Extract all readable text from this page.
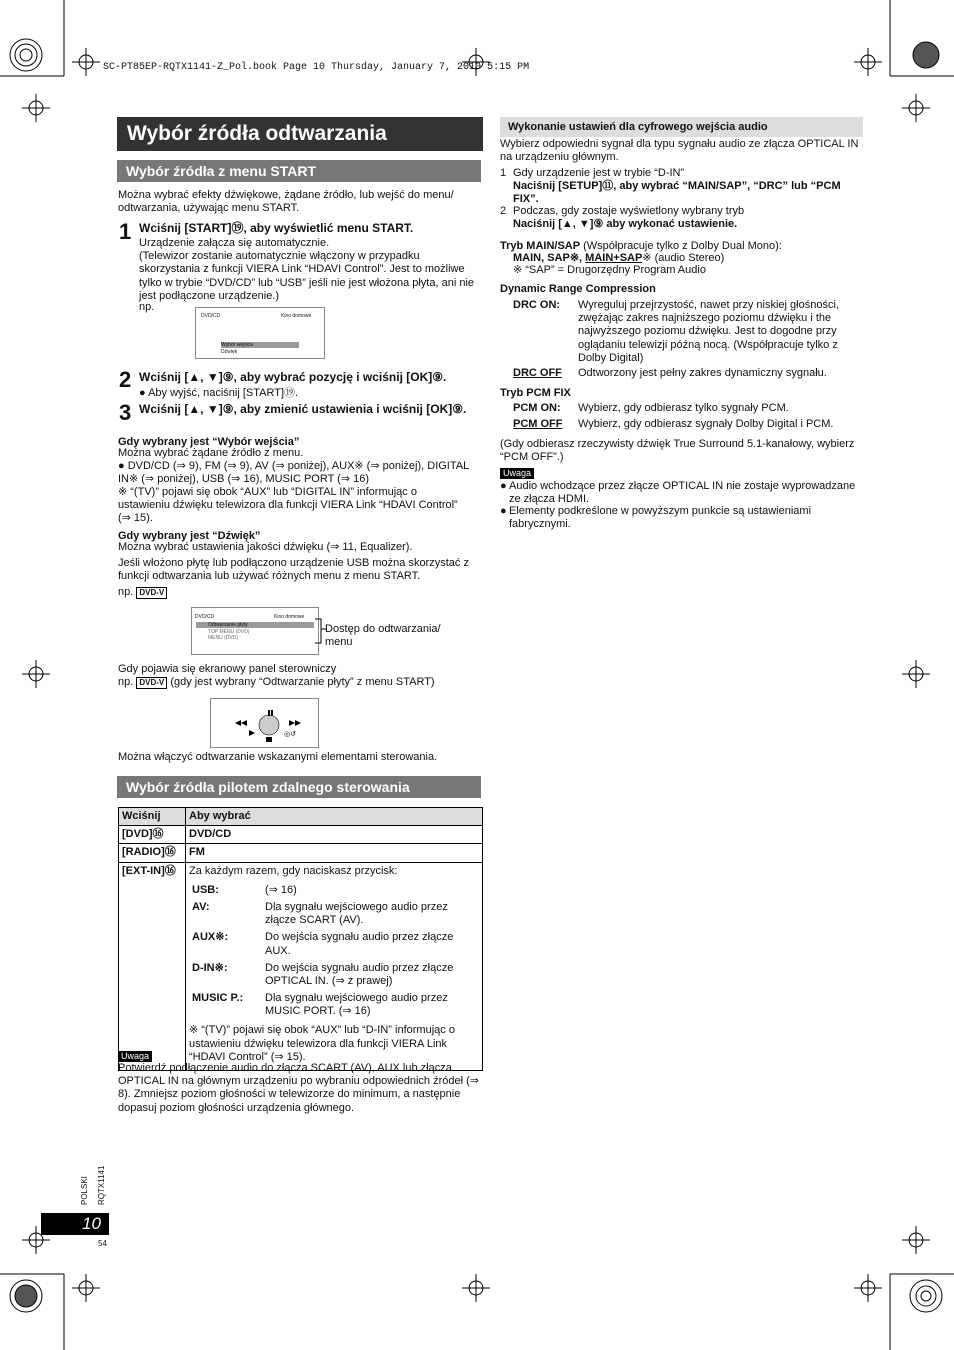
SC-PT85EP-RQTX1141-Z_Pol.book Page 10 Thursday, January 7, 2010 5:15 PM
Wybór źródła odtwarzania
Wybór źródła z menu START
Można wybrać efekty dźwiękowe, żądane źródło, lub wejść do menu/ odtwarzania, używając menu START.
1 Wciśnij [START]⑲, aby wyświetlić menu START.
Urządzenie załącza się automatycznie.
(Telewizor zostanie automatycznie włączony w przypadku skorzystania z funkcji VIERA Link “HDAVI Control”. Jest to możliwe tylko w trybie “DVD/CD” lub “USB” jeśli nie jest włożona płyta, ani nie jest podłączone urządzenie.)
np.
DVD/CD	Kino domowe
Wybór wejścia
Dźwięk
2 Wciśnij [▲, ▼]⑨, aby wybrać pozycję i wciśnij [OK]⑨.
● Aby wyjść, naciśnij [START]⑲.
3 Wciśnij [▲, ▼]⑨, aby zmienić ustawienia i wciśnij [OK]⑨.
Gdy wybrany jest “Wybór wejścia”
Można wybrać żądane źródło z menu.
● DVD/CD (⇒ 9), FM (⇒ 9), AV (⇒ poniżej), AUX※ (⇒ poniżej), DIGITAL IN※ (⇒ poniżej), USB (⇒ 16), MUSIC PORT (⇒ 16)
※ “(TV)” pojawi się obok “AUX” lub “DIGITAL IN” informując o ustawieniu dźwięku telewizora dla funkcji VIERA Link “HDAVI Control” (⇒ 15).
Gdy wybrany jest “Dźwięk”
Można wybrać ustawienia jakości dźwięku (⇒ 11, Equalizer).
Jeśli włożono płytę lub podłączono urządzenie USB można skorzystać z funkcji odtwarzania lub używać różnych menu z menu START.
np. DVD-V
DVD/CD	Kino domowe
Odtwarzanie płyty
TOP MENU (DVD)
MENU (DVD)
Dostęp do odtwarzania/ menu
Gdy pojawia się ekranowy panel sterowniczy
np. DVD-V (gdy jest wybrany “Odtwarzanie płyty” z menu START)
◎↺
Można włączyć odtwarzanie wskazanymi elementami sterowania.
Wybór źródła pilotem zdalnego sterowania
Wciśnij	Aby wybrać
[DVD]⑯	DVD/CD
[RADIO]⑯	FM
[EXT-IN]⑯	Za każdym razem, gdy naciskasz przycisk:
USB:	(⇒ 16)
AV:	Dla sygnału wejściowego audio przez złącze SCART (AV).
AUX※:	Do wejścia sygnału audio przez złącze AUX.
D-IN※:	Do wejścia sygnału audio przez złącze OPTICAL IN. (⇒ z prawej)
MUSIC P.:	Dla sygnału wejściowego audio przez MUSIC PORT. (⇒ 16)
※ “(TV)” pojawi się obok “AUX” lub “D-IN” informując o ustawieniu dźwięku telewizora dla funkcji VIERA Link “HDAVI Control” (⇒ 15).
Uwaga
Potwierdź podłączenie audio do złącza SCART (AV), AUX lub złącza OPTICAL IN na głównym urządzeniu po wybraniu odpowiednich źródeł (⇒ 8). Zmniejsz poziom głośności w telewizorze do minimum, a następnie dopasuj poziom głośności urządzenia głównego.
Wykonanie ustawień dla cyfrowego wejścia audio
Wybierz odpowiedni sygnał dla typu sygnału audio ze złącza OPTICAL IN na urządzeniu głównym.
1 Gdy urządzenie jest w trybie “D-IN”
Naciśnij [SETUP]⑪, aby wybrać “MAIN/SAP”, “DRC” lub “PCM FIX”.
2 Podczas, gdy zostaje wyświetlony wybrany tryb
Naciśnij [▲, ▼]⑨ aby wykonać ustawienie.
Tryb MAIN/SAP (Współpracuje tylko z Dolby Dual Mono):
MAIN, SAP※, MAIN+SAP※ (audio Stereo)
※ “SAP” = Drugorzędny Program Audio
Dynamic Range Compression
DRC ON: Wyreguluj przejrzystość, nawet przy niskiej głośności, zwężając zakres najniższego poziomu dźwięku i the najwyższego poziomu dźwięku. Jest to dogodne przy oglądaniu telewizji późną nocą. (Współpracuje tylko z Dolby Digital)
DRC OFF Odtworzony jest pełny zakres dynamiczny sygnału.
Tryb PCM FIX
PCM ON: Wybierz, gdy odbierasz tylko sygnały PCM.
PCM OFF Wybierz, gdy odbierasz sygnały Dolby Digital i PCM.
(Gdy odbierasz rzeczywisty dźwięk True Surround 5.1-kanałowy, wybierz “PCM OFF”.)
Uwaga
● Audio wchodzące przez złącze OPTICAL IN nie zostaje wyprowadzane ze złącza HDMI.
● Elementy podkreślone w powyższym punkcie są ustawieniami fabrycznymi.
POLSKI RQTX1141
10
54
